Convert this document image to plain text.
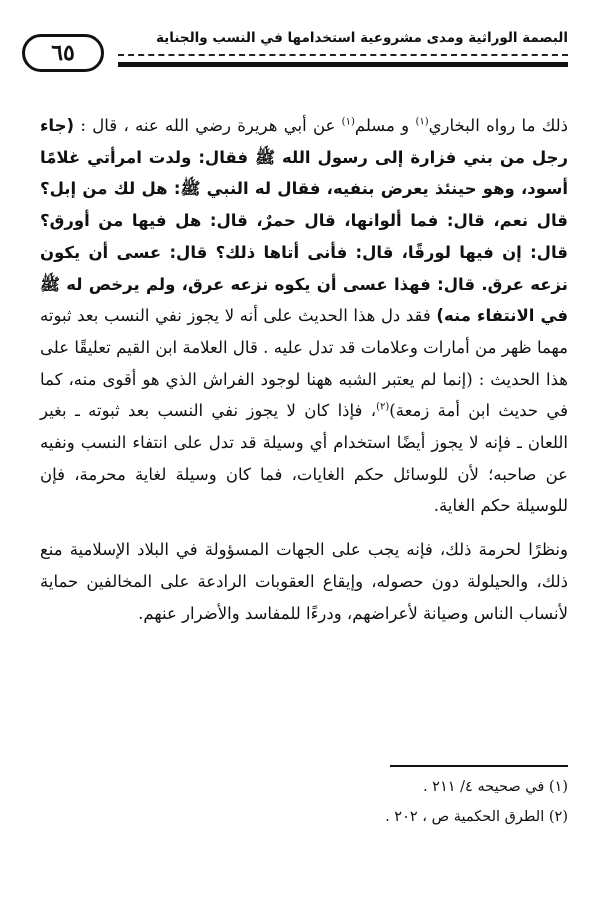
٦٥
البصمة الوراثية ومدى مشروعية استخدامها في النسب والجناية

ذلك ما رواه البخاري$^{(١)}$ و مسلم$^{(١)}$ عن أبي هريرة رضي الله عنه ، قال : (جاء رجل من بني فزارة إلى رسول الله ﷺ فقال: ولدت امرأتي غلامًا أسود، وهو حينئذ يعرض بنفيه، فقال له النبي ﷺ: هل لك من إبل؟ قال نعم، قال: فما ألوانها، قال حمرٌ، قال: هل فيها من أورق؟ قال: إن فيها لورقًا، قال: فأنى أتاها ذلك؟ قال: عسى أن يكون نزعه عرق. قال: فهذا عسى أن يكوه نزعه عرق، ولم يرخص له ﷺ في الانتفاء منه) فقد دل هذا الحديث على أنه لا يجوز نفي النسب بعد ثبوته مهما ظهر من أمارات وعلامات قد تدل عليه . قال العلامة ابن القيم تعليقًا على هذا الحديث : (إنما لم يعتبر الشبه ههنا لوجود الفراش الذي هو أقوى منه، كما في حديث ابن أمة زمعة)$^{(٢)}$، فإذا كان لا يجوز نفي النسب بعد ثبوته ـ بغير اللعان ـ فإنه لا يجوز أيضًا استخدام أي وسيلة قد تدل على انتفاء النسب ونفيه عن صاحبه؛ لأن للوسائل حكم الغايات، فما كان وسيلة لغاية محرمة، فإن للوسيلة حكم الغاية.

ونظرًا لحرمة ذلك، فإنه يجب على الجهات المسؤولة في البلاد الإسلامية منع ذلك، والحيلولة دون حصوله، وإيقاع العقوبات الرادعة على المخالفين حماية لأنساب الناس وصيانة لأعراضهم، ودرءًا للمفاسد والأضرار عنهم.

(١) في صحيحه ٤/ ٢١١ .
(٢) الطرق الحكمية ص ، ٢٠٢ .
